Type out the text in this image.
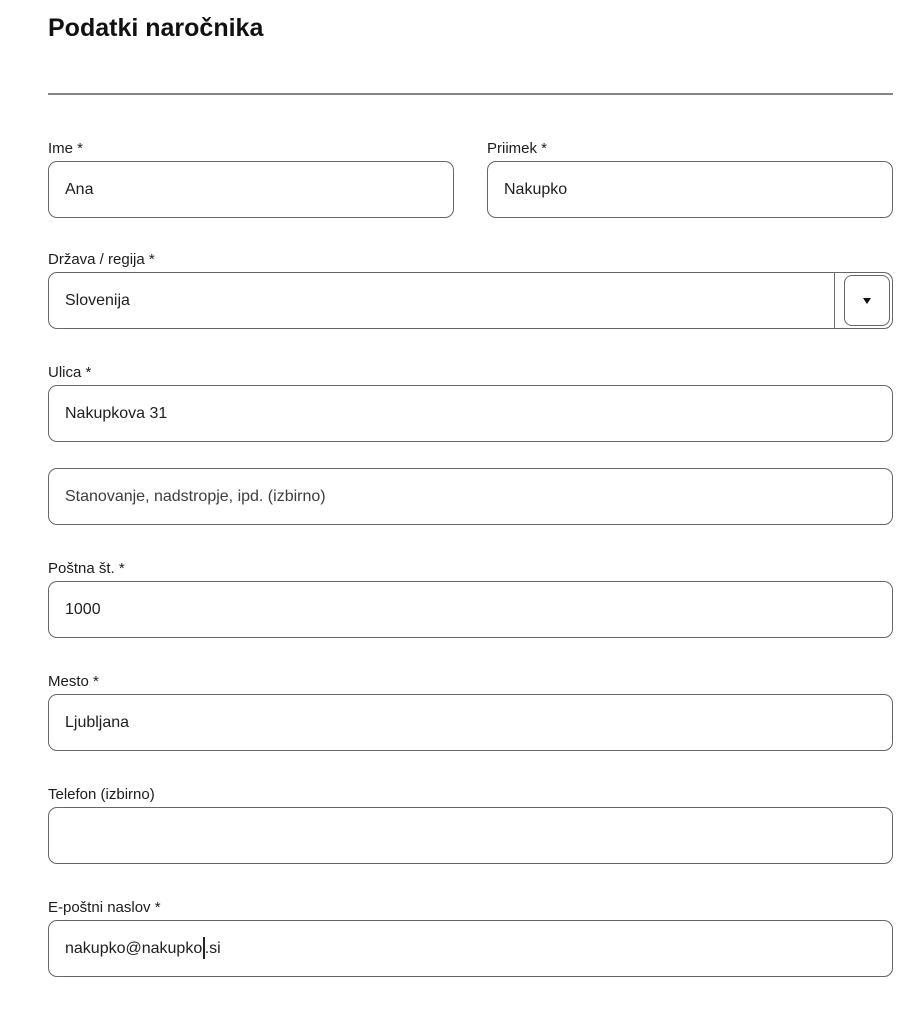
Podatki naročnika
Ime *
Ana	Priimek *
Nakupko
Država / regija *
Slovenija
Ulica *
Nakupkova 31
Stanovanje, nadstropje, ipd. (izbirno)
Poštna št. *
1000
Mesto *
Ljubljana
Telefon (izbirno)
E-poštni naslov *
nakupko@nakupko .si
